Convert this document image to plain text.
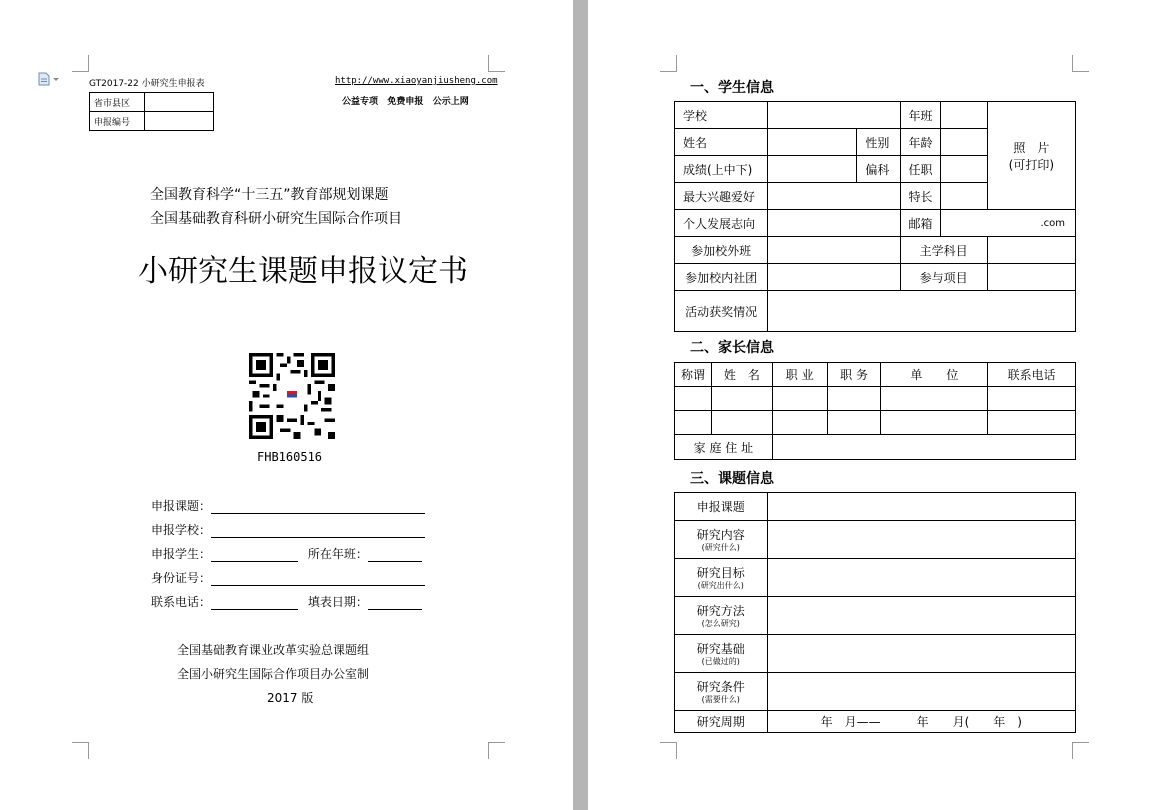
GT2017-22 小研究生申报表	http://www.xiaoyanjiusheng.com
公益专项   免费申报   公示上网
省市县区	
申报编号	
全国教育科学“十三五”教育部规划课题
全国基础教育科研小研究生国际合作项目
小研究生课题申报议定书
FHB160516
申报课题：
申报学校：
申报学生：	所在年班：
身份证号：
联系电话：	填表日期：
全国基础教育课业改革实验总课题组
全国小研究生国际合作项目办公室制
2017 版
一、学生信息
学校			年班		照　片
(可打印)

姓名		性别	年龄		
成绩(上中下)		偏科	任职		
最大兴趣爱好			特长		
个人发展志向			邮箱	.com	
参加校外班			主学科目		
参加校内社团			参与项目		
活动获奖情况					
二、家长信息
称谓	姓　名	职 业	职 务	单　　位	联系电话

家 庭 住 址					
三、课题信息
申报课题	
研究内容
(研究什么)	

研究目标
(研究出什么)	

研究方法
(怎么研究)	

研究基础
(已做过的)	

研究条件
(需要什么)	

研究周期	年　月——　　　年　　月(　　年　)
